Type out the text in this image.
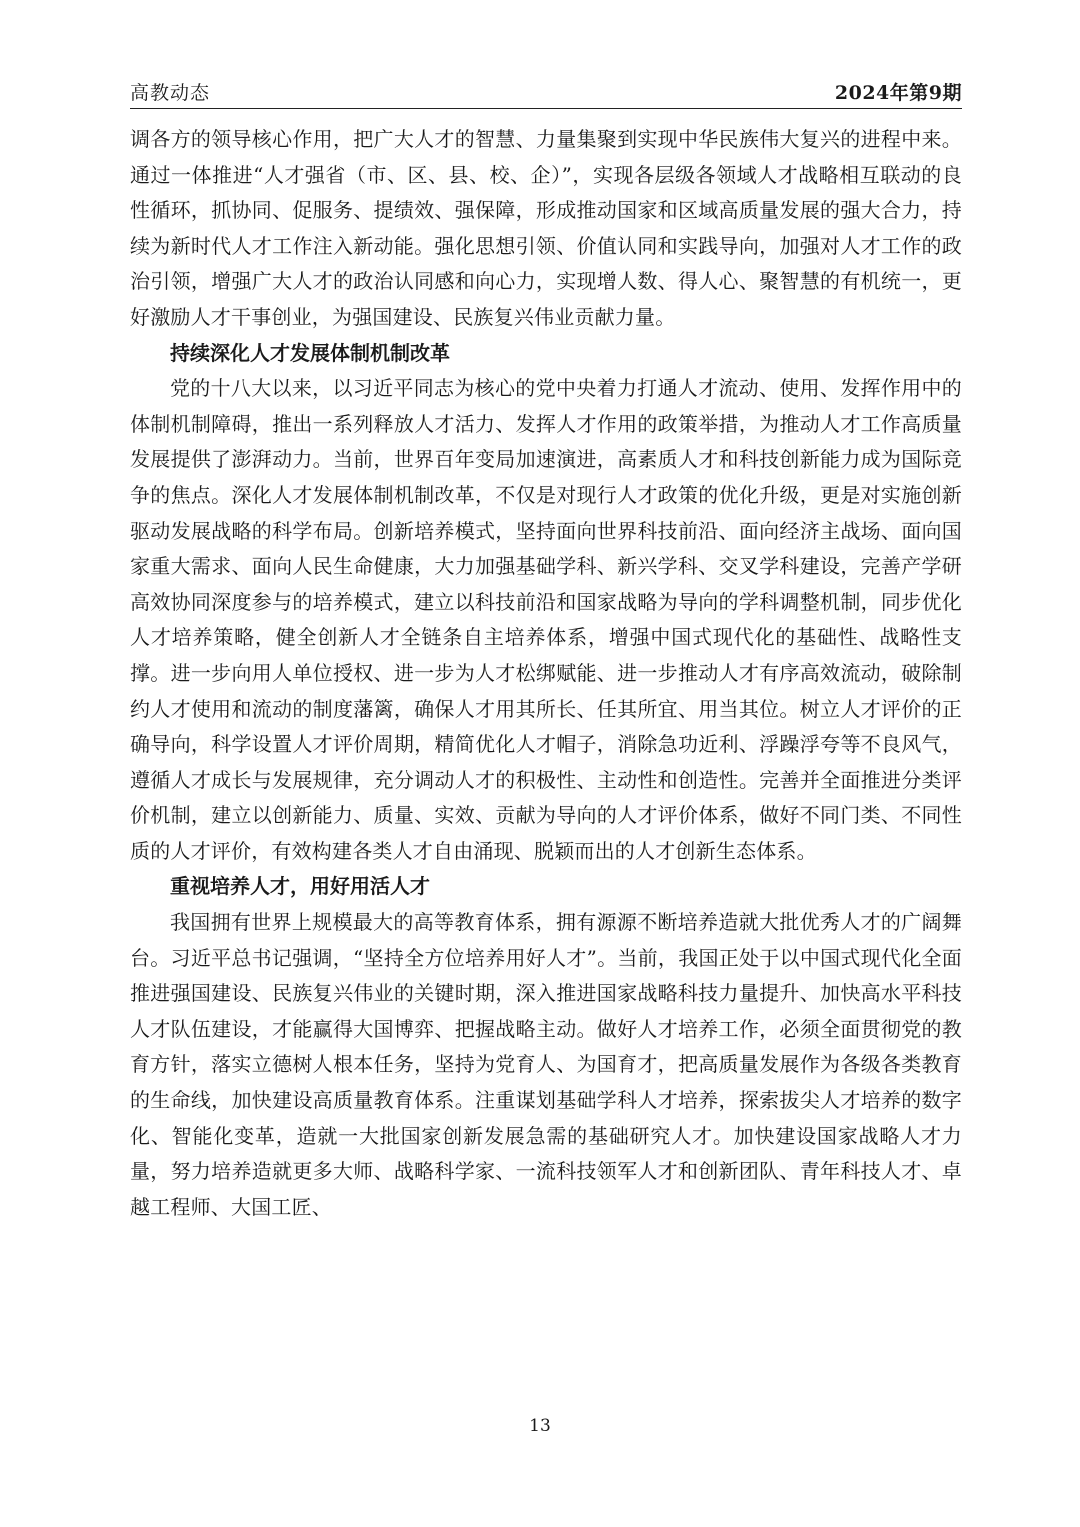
高教动态	2024年第9期

调各方的领导核心作用，把广大人才的智慧、力量集聚到实现中华民族伟大复兴的进程中来。通过一体推进“人才强省（市、区、县、校、企）”，实现各层级各领域人才战略相互联动的良性循环，抓协同、促服务、提绩效、强保障，形成推动国家和区域高质量发展的强大合力，持续为新时代人才工作注入新动能。强化思想引领、价值认同和实践导向，加强对人才工作的政治引领，增强广大人才的政治认同感和向心力，实现增人数、得人心、聚智慧的有机统一，更好激励人才干事创业，为强国建设、民族复兴伟业贡献力量。

持续深化人才发展体制机制改革

党的十八大以来，以习近平同志为核心的党中央着力打通人才流动、使用、发挥作用中的体制机制障碍，推出一系列释放人才活力、发挥人才作用的政策举措，为推动人才工作高质量发展提供了澎湃动力。当前，世界百年变局加速演进，高素质人才和科技创新能力成为国际竞争的焦点。深化人才发展体制机制改革，不仅是对现行人才政策的优化升级，更是对实施创新驱动发展战略的科学布局。创新培养模式，坚持面向世界科技前沿、面向经济主战场、面向国家重大需求、面向人民生命健康，大力加强基础学科、新兴学科、交叉学科建设，完善产学研高效协同深度参与的培养模式，建立以科技前沿和国家战略为导向的学科调整机制，同步优化人才培养策略，健全创新人才全链条自主培养体系，增强中国式现代化的基础性、战略性支撑。进一步向用人单位授权、进一步为人才松绑赋能、进一步推动人才有序高效流动，破除制约人才使用和流动的制度藩篱，确保人才用其所长、任其所宜、用当其位。树立人才评价的正确导向，科学设置人才评价周期，精简优化人才帽子，消除急功近利、浮躁浮夸等不良风气，遵循人才成长与发展规律，充分调动人才的积极性、主动性和创造性。完善并全面推进分类评价机制，建立以创新能力、质量、实效、贡献为导向的人才评价体系，做好不同门类、不同性质的人才评价，有效构建各类人才自由涌现、脱颖而出的人才创新生态体系。

重视培养人才，用好用活人才

我国拥有世界上规模最大的高等教育体系，拥有源源不断培养造就大批优秀人才的广阔舞台。习近平总书记强调，“坚持全方位培养用好人才”。当前，我国正处于以中国式现代化全面推进强国建设、民族复兴伟业的关键时期，深入推进国家战略科技力量提升、加快高水平科技人才队伍建设，才能赢得大国博弈、把握战略主动。做好人才培养工作，必须全面贯彻党的教育方针，落实立德树人根本任务，坚持为党育人、为国育才，把高质量发展作为各级各类教育的生命线，加快建设高质量教育体系。注重谋划基础学科人才培养，探索拔尖人才培养的数字化、智能化变革，造就一大批国家创新发展急需的基础研究人才。加快建设国家战略人才力量，努力培养造就更多大师、战略科学家、一流科技领军人才和创新团队、青年科技人才、卓越工程师、大国工匠、

13
